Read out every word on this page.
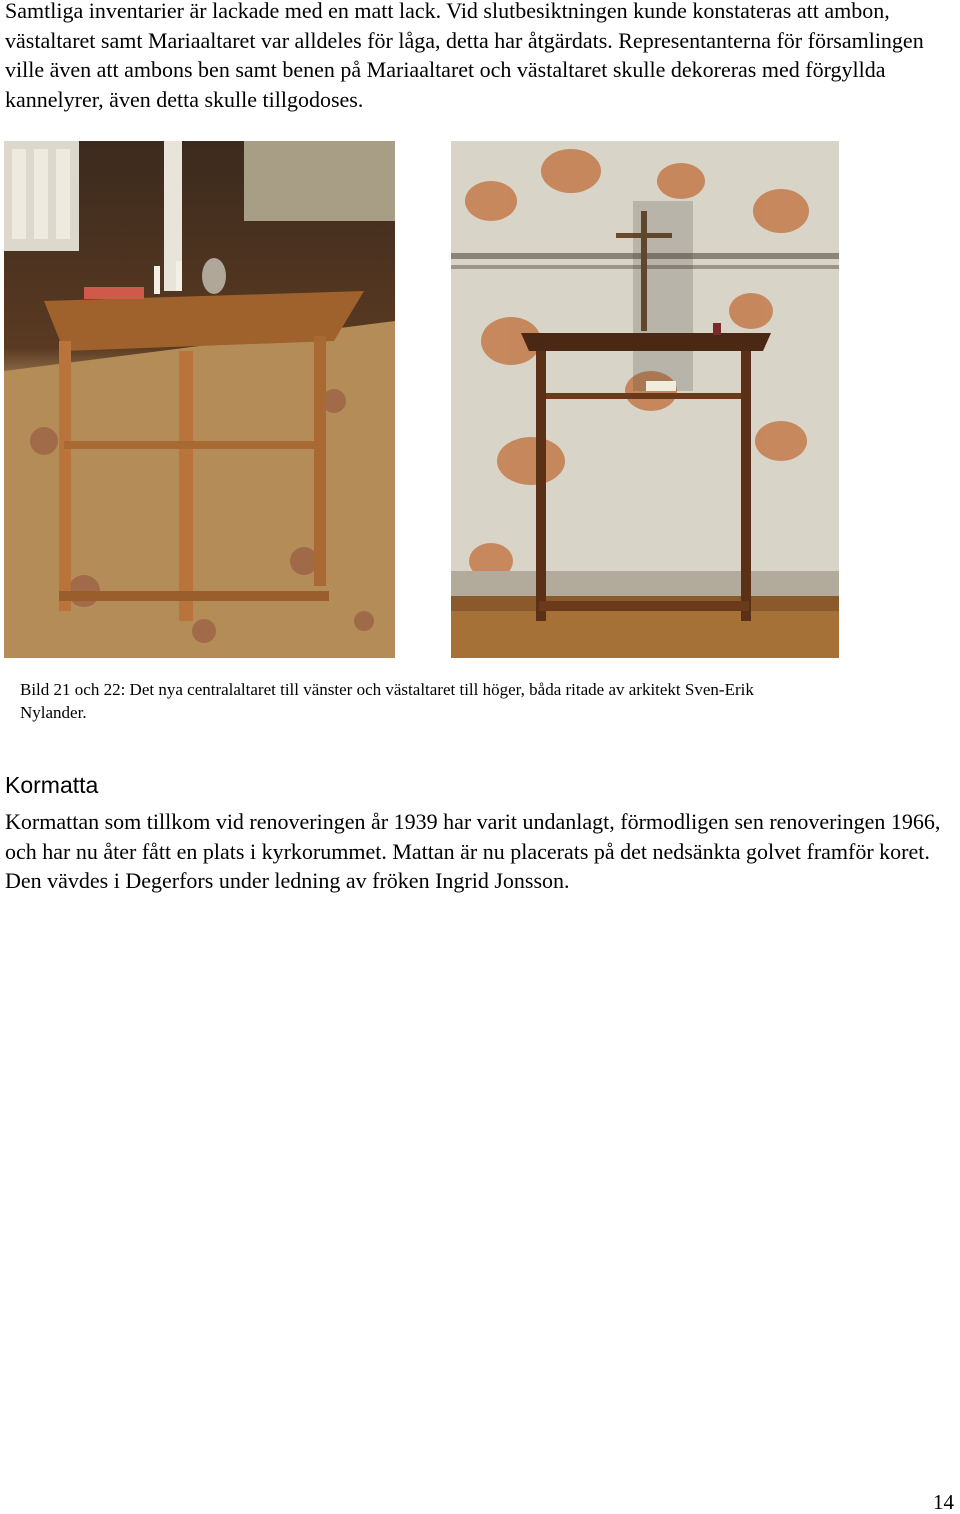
Samtliga inventarier är lackade med en matt lack. Vid slutbesiktningen kunde konstateras att ambon, västaltaret samt Mariaaltaret var alldeles för låga, detta har åtgärdats. Representanterna för församlingen ville även att ambons ben samt benen på Mariaaltaret och västaltaret skulle dekoreras med förgyllda kannelyrer, även detta skulle tillgodoses.

Bild 21 och 22: Det nya centralaltaret till vänster och västaltaret till höger, båda ritade av arkitekt Sven-Erik Nylander.

Kormatta

Kormattan som tillkom vid renoveringen år 1939 har varit undanlagt, förmodligen sen renoveringen 1966, och har nu åter fått en plats i kyrkorummet. Mattan är nu placerats på det nedsänkta golvet framför koret. Den vävdes i Degerfors under ledning av fröken Ingrid Jonsson.

14
